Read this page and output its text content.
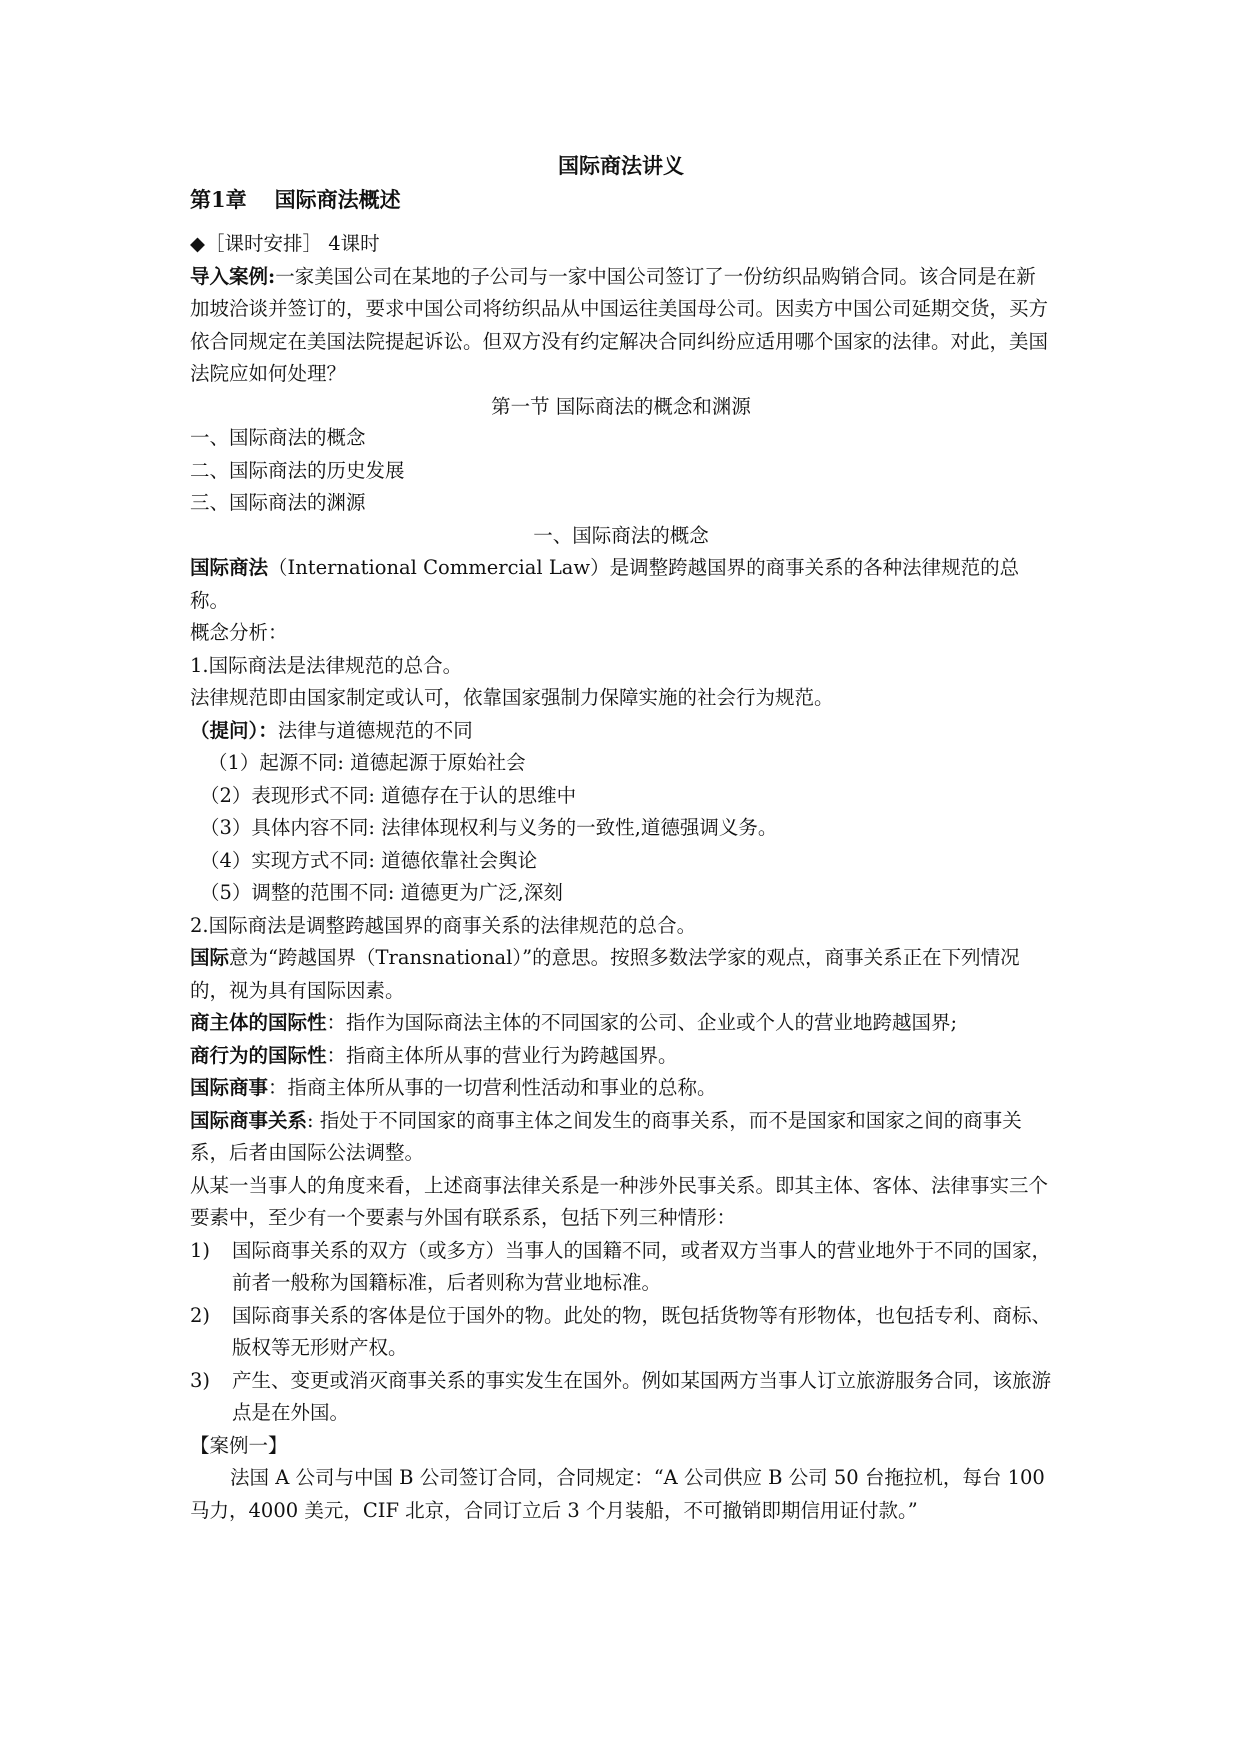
国际商法讲义
第1章 国际商法概述
◆［课时安排］ 4课时
导入案例:一家美国公司在某地的子公司与一家中国公司签订了一份纺织品购销合同。该合同是在新加坡洽谈并签订的，要求中国公司将纺织品从中国运往美国母公司。因卖方中国公司延期交货，买方依合同规定在美国法院提起诉讼。但双方没有约定解决合同纠纷应适用哪个国家的法律。对此，美国法院应如何处理？
第一节 国际商法的概念和渊源
一、国际商法的概念
二、国际商法的历史发展
三、国际商法的渊源
一、国际商法的概念
国际商法（International Commercial Law）是调整跨越国界的商事关系的各种法律规范的总称。
概念分析：
1.国际商法是法律规范的总合。
法律规范即由国家制定或认可，依靠国家强制力保障实施的社会行为规范。
（提问）：法律与道德规范的不同
（1）起源不同: 道德起源于原始社会
（2）表现形式不同: 道德存在于认的思维中
（3）具体内容不同: 法律体现权利与义务的一致性,道德强调义务。
（4）实现方式不同: 道德依靠社会舆论
（5）调整的范围不同: 道德更为广泛,深刻
2.国际商法是调整跨越国界的商事关系的法律规范的总合。
国际意为“跨越国界（Transnational）”的意思。按照多数法学家的观点，商事关系正在下列情况的，视为具有国际因素。
商主体的国际性：指作为国际商法主体的不同国家的公司、企业或个人的营业地跨越国界;
商行为的国际性：指商主体所从事的营业行为跨越国界。
国际商事：指商主体所从事的一切营利性活动和事业的总称。
国际商事关系: 指处于不同国家的商事主体之间发生的商事关系，而不是国家和国家之间的商事关系，后者由国际公法调整。
从某一当事人的角度来看，上述商事法律关系是一种涉外民事关系。即其主体、客体、法律事实三个要素中，至少有一个要素与外国有联系系，包括下列三种情形：
1) 国际商事关系的双方（或多方）当事人的国籍不同，或者双方当事人的营业地外于不同的国家，前者一般称为国籍标准，后者则称为营业地标准。
2) 国际商事关系的客体是位于国外的物。此处的物，既包括货物等有形物体，也包括专利、商标、版权等无形财产权。
3) 产生、变更或消灭商事关系的事实发生在国外。例如某国两方当事人订立旅游服务合同，该旅游点是在外国。
【案例一】
法国 A 公司与中国 B 公司签订合同，合同规定：“A 公司供应 B 公司 50 台拖拉机，每台 100 马力，4000 美元，CIF 北京，合同订立后 3 个月装船，不可撤销即期信用证付款。”
